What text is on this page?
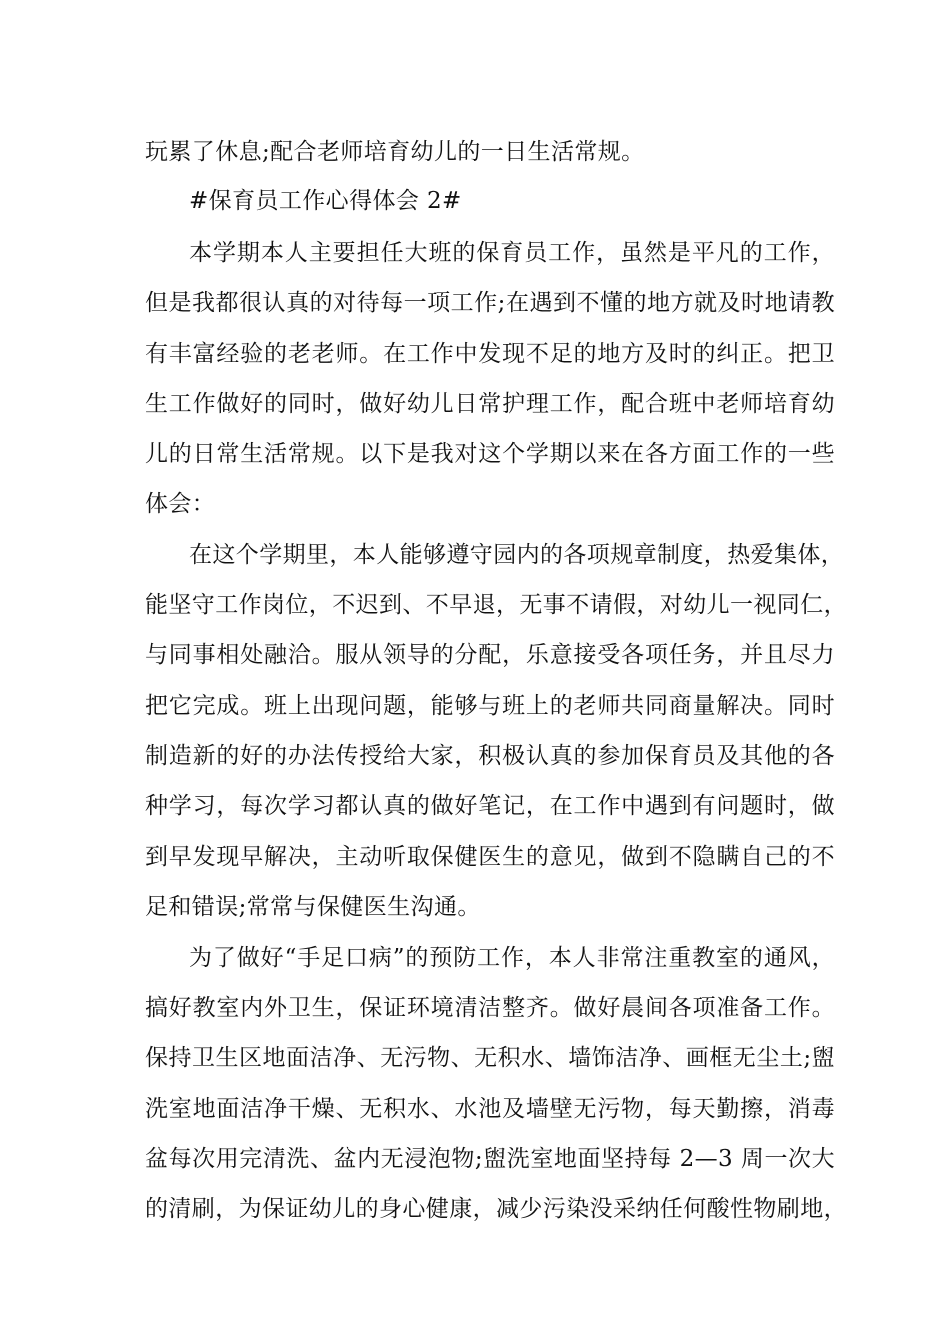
玩累了休息;配合老师培育幼儿的一日生活常规。
#保育员工作心得体会 2#
本学期本人主要担任大班的保育员工作，虽然是平凡的工作，
但是我都很认真的对待每一项工作;在遇到不懂的地方就及时地请教
有丰富经验的老老师。在工作中发现不足的地方及时的纠正。把卫
生工作做好的同时，做好幼儿日常护理工作，配合班中老师培育幼
儿的日常生活常规。以下是我对这个学期以来在各方面工作的一些
体会：
在这个学期里，本人能够遵守园内的各项规章制度，热爱集体，
能坚守工作岗位，不迟到、不早退，无事不请假，对幼儿一视同仁，
与同事相处融洽。服从领导的分配，乐意接受各项任务，并且尽力
把它完成。班上出现问题，能够与班上的老师共同商量解决。同时
制造新的好的办法传授给大家，积极认真的参加保育员及其他的各
种学习，每次学习都认真的做好笔记，在工作中遇到有问题时，做
到早发现早解决，主动听取保健医生的意见，做到不隐瞒自己的不
足和错误;常常与保健医生沟通。
为了做好“手足口病”的预防工作，本人非常注重教室的通风，
搞好教室内外卫生，保证环境清洁整齐。做好晨间各项准备工作。
保持卫生区地面洁净、无污物、无积水、墙饰洁净、画框无尘土;盥
洗室地面洁净干燥、无积水、水池及墙壁无污物，每天勤擦，消毒
盆每次用完清洗、盆内无浸泡物;盥洗室地面坚持每 2—3 周一次大
的清刷，为保证幼儿的身心健康，减少污染没采纳任何酸性物刷地，
